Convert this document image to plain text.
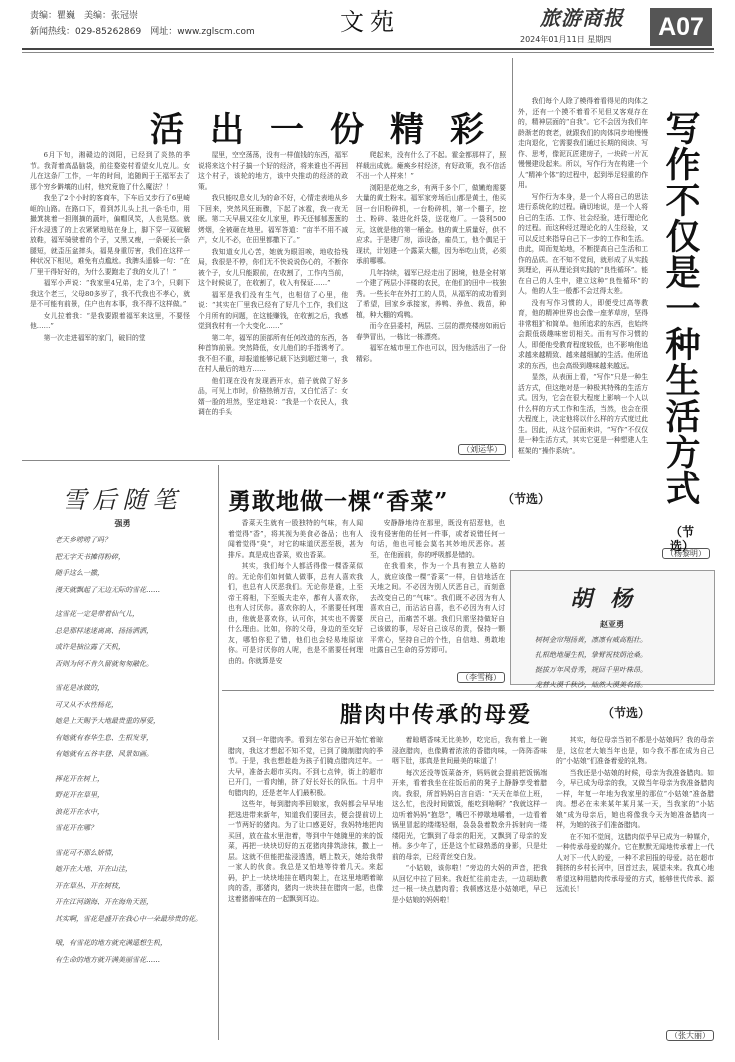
责编：瞿巍　美编：张冠崇
新闻热线：029-85262869　网址：www.zglscm.com	文苑	旅游商报
2024年01月11日 星期四	A07
活出一份精彩

6月下旬，湘赣边的浏阳，已经到了炎热的季节。我背着高晶脑袋，前往婺姿村看望女儿克儿。女儿在这条厂工作，一年的时间，追随阆于王福军去了那个穷乡僻壤的山村，他究竟施了什么魔法？！

我坐了2个小时的客商车，下车后又步行了6里崎岖的山路。在路口下，看到苏儿头上扎一条毛巾，用撮箕挑着一担刚摘的蔬叶，偏帽风笑，人也晃悠。就汗水浸透了的上衣紧紧地贴在身上，脚下穿一双破解放鞋，福军骑驶着的个子，又黑又瘦，一条硬长一条腿短，就歪压盆摔头，福晃身重厉害，我们在这样一种状况下相见，难免有点尴尬。我脾头遥躲一句：“在厂里干得好好的，为什么要跑走了我的女儿了！”

福军小声说：“我家里4兄弟，走了3个，只剩下我这个老三，父母80多岁了，我不代我也不孝心，就是不可能有前景，住户也有本事，我不得不这样做。”

女儿拉着我：“是我要跟着福军来这里，不要怪他……”

第一次走进福军的家门，破旧的堂

屋里，空空荡荡，没有一样值钱的东西，福军说将来这个村子搞一个好的经济，将来谁也不再回这个村子，该轮的地方，该中央推动的经济的政策。

我只能叹息女儿为的命不好，心情走表地从乡下回来，突然风狂雨骤，下起了冰雹，我一夜无眠。第二天早晨又往女儿家里，昨天还郁郁葱葱的烤烟，全被砸在地里。福军答道：“亩半不用不减产，女儿不必，在田里都撒下了。”

我知道女儿心苦，她就为眼泪唉，地收拾残局，我很是不停，你们无不快说说伤心的，不断你被个子，女儿只能跟前，在收割了，工作内当前，这个时候说了，在收割了，收入有保证……”

福军是我们没有生气，也相信了心里，他说：“其实在厂里我已经有了好几个工作，我们这个月所有的问题，在这能赚钱，在收割之后，我感觉到我村有一个大变化……”

第二年，福军的顶部所有任何改造的东西，各种首饰前景。突然降低，女儿他们的手指诱考了。我不但不重，却报道能够记载下达到超过第一，我在村人最后的地方……

他们现在没有发现酒开水，茄子就做了好多品，可见上市时，价格热销万吉，又白忙活了：女婿一脸的坦然，坚定地说：“我是一个农民人，我调在的手头

爬起来，没有什么了不起。霍金都那样了，照样载出成就。瘫痪乡村经济，有好政策，我不信活不出一个人样来！”

浏阳是花炮之乡，有两千多个厂，做嫩炮需要大量的黄土粉末。福军家旁场后山都是黄土，他买回一台旧粉碎机，一台粉碎机，第一个棚子，挖土、粉碎、装进化纤袋，送花炮厂。一袋利500元，这就是他的第一桶金。他的黄土质量好，供不应求。于是建厂房，添设备，雇员工，他个偶足于现状，计划建一个露菜大棚，因为举吃山货，必须承前哪哪。

几年持续，福军已经走出了困境，他是全村第一个建了两层小洋楼的农民，在他们的田中一枝独秀。一些长年在外打工的人员，从福军的成功看到了希望，回家乡承接家，养鸭、养鱼、栽苗，种植，种大棚的鸡鸭。

而今在县委村，两层、三层的漂亮楼房如雨后春笋冒出，一栋比一栋漂亮。

福军在城市里工作也可以，因为他活出了一份精彩。

（刘运华）

我们每个人除了模得着看得见的肉体之外，还有一个摸不着看不见但又客观存在的，精神层面的“自我”。它不会因为我们年龄渐老的衰老，就跟我们的肉体同步地慢慢走向退化，它需要我们通过长期的阅读、写作、思考，像泥瓦匠建房子，一块砖一片瓦慢慢建设起来。所以，写作行为在构建一个人“精神个体”的过程中，起到举足轻重的作用。

写作行为本身，是一个人将自己的思法进行系统化的过程。确切地说，是一个人将自己的生活、工作、社会经验，进行理论化的过程。而这种经过理论化的人生经验，又可以反过来指导自己下一步的工作和生活。由此，周而复始地，不断提高自己生活和工作的品质。在不知不觉间，就形成了从实践到理论，再从理论到实践的“良性循环”。能在自己的人生中，建立这种“良性循环”的人，他的人生一般都不会过得太差。

没有写作习惯的人，即便受过高等教育，他的精神世界也会像一座茅草房，坚得非常粗犷和简单。他所追求的东西，也始终会跟低级趣味密切相关。而有写作习惯的人，即便他受教育程度较低，也不影响他追求越来越精致、越来越细腻的生活。他所追求的东西，也会高级到趣味越来越远。

显然，从表面上看，“写作”只是一种生活方式，但这绝对是一种极其特殊的生活方式。因为，它会在很大程度上影响一个人以什么样的方式工作和生活，当然，也会在很大程度上，决定他将以什么样的方式度过此生。因此，从这个层面来讲，“写作”不仅仅是一种生活方式，其实它更是一种塑建人生框架的“操作系统”。

（杨黎明）
写作不仅是一种生活方式
（节选）
雪后随笔
强勇
老天乡唠唠了吗？
把无字天书摊得粉碎，
随手这么一撒，
漫天就飘起了无边无际的雪花……
这雪花一定是带着仙气儿，
总是那样迷迷离离、扬扬洒洒，
或许是抽泣露了天机，
否则为何不肯久留就匆匆融化。
雪花是冰做的，
可又从不水性杨花，
她是上天赐予大地最贵重的厚爱，
有她就有春华生息、生根发芽，
有她就有五谷丰登、风景如画。
挥花开在树上，
野花开在草里，
浪花开在水中，
雪花开在哪？
雪花可不那么娇情，
她开在大地、开在山洼，
开在草丛、开在树枝，
开在江河湖海、开在海角天涯，
其实啊，雪花是盛开在我心中一朵最珍贵的花。
哦，有雪花的地方就充满遥想生机，
有生命的地方就开满美丽雪花……
勇敢地做一棵“香菜”	（节选）

香菜天生就有一股独特的气味，有人闻着觉得“香”，将其视为美食必备品；也有人闻着觉得“臭”，对它的味道厌恶至极，甚为排斥。真是成也香菜，败也香菜。

其实，我们每个人都活得像一棵香菜似的。无论你们如何做人做事，总有人喜欢我们，也总有人厌恶我们。无论你是谁，上至帝王将相，下至贩夫走卒，都有人喜欢你，也有人讨厌你。喜欢你的人，不需要任何理由，他就是喜欢你，认可你，其实也不需要什么理由。比如，你的父母，身边的至交好友，哪怕你犯了错，他们也会轻易地原谅你。可是讨厌你的人呢，也是不需要任何理由的。你就算是安

安静静地待在那里，既没有招惹他，也没有侵害他的任何一件事，或者说错任何一句话，他也可能会莫名其妙地厌恶你。甚至，在他面前，你的呼吸都是错的。

在我看来，作为一个具有独立人格的人，就应该像一棵“香菜”一样，自信地活在天地之间。不必因为别人厌恶自己，而刻意去改变自己的“气味”。我们既不必因为有人喜欢自己，而沾沾自喜，也不必因为有人讨厌自己，而痛苦不堪。我们只需坚持做好自己该做的事，尽好自己该尽的责，保持一颗平常心，坚持自己的个性，自信地、勇敢地吐露自己生命的芬芳即可。

（李雪梅）
胡杨
赵亚勇
树树金帘翔扬黄，凛凛有威高粗壮。
扎根绝地屡生机，挚臂祝枝荫沧桑。
挺拔万年风骨秀，规回千里叶株昂。
龙替火漠千秋沙，灿然大漠美名扬。
腊肉中传承的母爱	（节选）

又到一年腊肉季。看到左邻右舍已开始忙着晾腊肉，我这才想起不知不觉，已到了腌制腊肉的季节。于是，我也想趁趁为孩子们腌点腊肉过年。一大早，准备去超市买肉。不到七点钟，街上的超市已开门，一看肉铺，挤了好长好长的队伍。十月中旬腊肉的，还是老年人们最积极。

这些年，每到腊肉季回娘家，我妈都会早早地把选进带来新年，知道我们要回去，便会提前切上一节两好的猪肉。为了让口感更好，我妈特地把肉买回，放在盐水里泡着，等到中午她腌里的来的饭菜，再把一块块切好的五花猪肉排筑涂抹，撒上一层。这就不但能把盐浸透透，晒上数天，她给我带一家人的伙食。我总是又怕地等待着几天。来起码，护上一块块地挂在晒肉架上，在这里地晒着晾肉的香，那猪肉，猪肉一块块挂在腊肉一起，也像这着猪善味在的一起飘到耳边。

着晾晒香味无比美妙，吃完后，我有着上一碗浸泡腊肉，也像腾着浓浓的香腊肉味，一阵阵香味咽下肚，那真是世间最美的味道了！

每次还没等饭菜备齐，妈妈就会提前把饭锅端开来，看着我坐在往饭后前的凳子上静静享受着腊肉。我很，所首妈妈自言自语：“天天在单位上班，这么忙，也没时间做饭，能吃到啥啊？”我就这样一边听着妈妈“抱怨”，嘴巴不停歇地嚼着，一边看着锅里冒起的缕缕轻烟，袅袅袅着数余升拆射向一缕缕阳光，它飘到了母亲的阳光，又飘到了母亲的发梢。多少年了，还是这个忙碌熟悉的身影，只是灶前的母亲，已经青丝变白发。

“小姑娘，该你啦！”旁边的大妈的声音，把我从回忆中拉了回来。我赶忙往前走去，一边胡助教过一根一块点腊肉看；我顿感这是小姑娘吧，早已是小姑娘的妈妈啦！

其实，每位母亲当初不都是小姑娘吗？我的母亲是，这位老大娘当年也是，如今我不都在成为自己的“小姑娘”们准备着爱的礼物。

当我还是小姑娘的时候，母亲为我准备腊肉。如今，早已成为母亲的我，又做当年母亲为我准备腊肉一样，年复一年地为我家里的那位“小姑娘”准备腊肉。想必在未来某年某月某一天，当我家的“小姑娘”成为母亲后，她也将像我今天为她准备腊肉一样，为她的孩子们准备腊肉。

在不知不觉间，这腊肉似乎早已成为一种媒介，一种传承母爱的媒介。它在默默无闻地传承着上一代人对下一代人的爱，一种不求回报的母爱。站在超市拥挤的乡村长河中，回首过去，展望未来。我真心地希望这种用腊肉传承母爱的方式，能够世代传承、源远流长！

（张大丽）
